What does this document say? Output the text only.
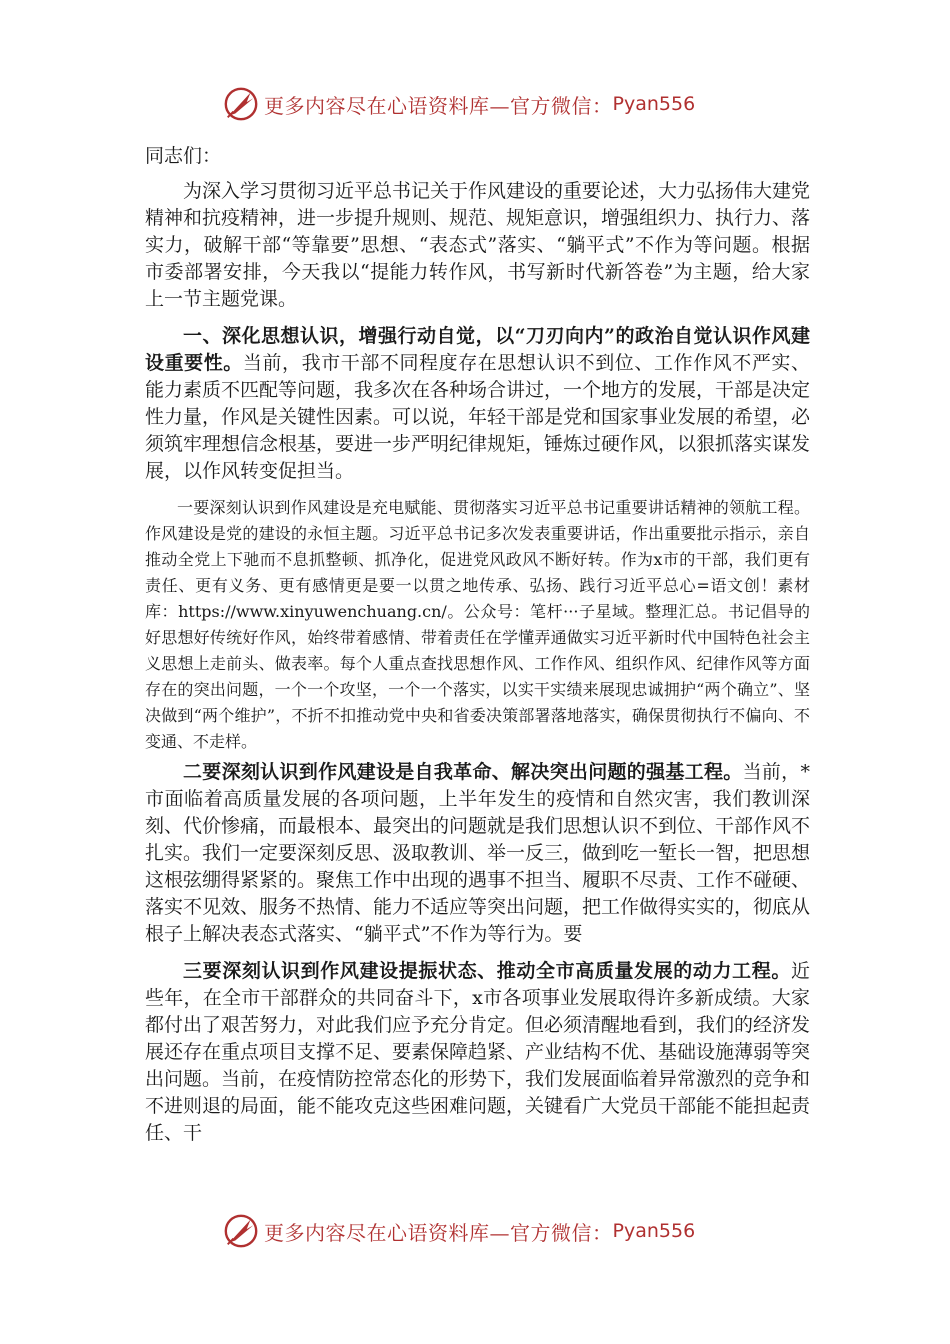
更多内容尽在心语资料库—官方微信： Pyan556

同志们：

为深入学习贯彻习近平总书记关于作风建设的重要论述，大力弘扬伟大建党精神和抗疫精神，进一步提升规则、规范、规矩意识，增强组织力、执行力、落实力，破解干部“等靠要”思想、“表态式”落实、“躺平式”不作为等问题。根据市委部署安排，今天我以“提能力转作风，书写新时代新答卷”为主题，给大家上一节主题党课。

一、深化思想认识，增强行动自觉，以“刀刃向内”的政治自觉认识作风建设重要性。当前，我市干部不同程度存在思想认识不到位、工作作风不严实、能力素质不匹配等问题，我多次在各种场合讲过，一个地方的发展，干部是决定性力量，作风是关键性因素。可以说，年轻干部是党和国家事业发展的希望，必须筑牢理想信念根基，要进一步严明纪律规矩，锤炼过硬作风，以狠抓落实谋发展，以作风转变促担当。

一要深刻认识到作风建设是充电赋能、贯彻落实习近平总书记重要讲话精神的领航工程。作风建设是党的建设的永恒主题。习近平总书记多次发表重要讲话，作出重要批示指示，亲自推动全党上下驰而不息抓整顿、抓净化，促进党风政风不断好转。作为x市的干部，我们更有责任、更有义务、更有感情更是要一以贯之地传承、弘扬、践行习近平总心=语文创！素材库：https://www.xinyuwenchuang.cn/。公众号：笔杆···子星域。整理汇总。书记倡导的好思想好传统好作风，始终带着感情、带着责任在学懂弄通做实习近平新时代中国特色社会主义思想上走前头、做表率。每个人重点查找思想作风、工作作风、组织作风、纪律作风等方面存在的突出问题，一个一个攻坚，一个一个落实，以实干实绩来展现忠诚拥护“两个确立”、坚决做到“两个维护”，不折不扣推动党中央和省委决策部署落地落实，确保贯彻执行不偏向、不变通、不走样。

二要深刻认识到作风建设是自我革命、解决突出问题的强基工程。当前，*市面临着高质量发展的各项问题，上半年发生的疫情和自然灾害，我们教训深刻、代价惨痛，而最根本、最突出的问题就是我们思想认识不到位、干部作风不扎实。我们一定要深刻反思、汲取教训、举一反三，做到吃一堑长一智，把思想这根弦绷得紧紧的。聚焦工作中出现的遇事不担当、履职不尽责、工作不碰硬、落实不见效、服务不热情、能力不适应等突出问题，把工作做得实实的，彻底从根子上解决表态式落实、“躺平式”不作为等行为。要

三要深刻认识到作风建设提振状态、推动全市高质量发展的动力工程。近些年，在全市干部群众的共同奋斗下，x市各项事业发展取得许多新成绩。大家都付出了艰苦努力，对此我们应予充分肯定。但必须清醒地看到，我们的经济发展还存在重点项目支撑不足、要素保障趋紧、产业结构不优、基础设施薄弱等突出问题。当前，在疫情防控常态化的形势下，我们发展面临着异常激烈的竞争和不进则退的局面，能不能攻克这些困难问题，关键看广大党员干部能不能担起责任、干

更多内容尽在心语资料库—官方微信： Pyan556
